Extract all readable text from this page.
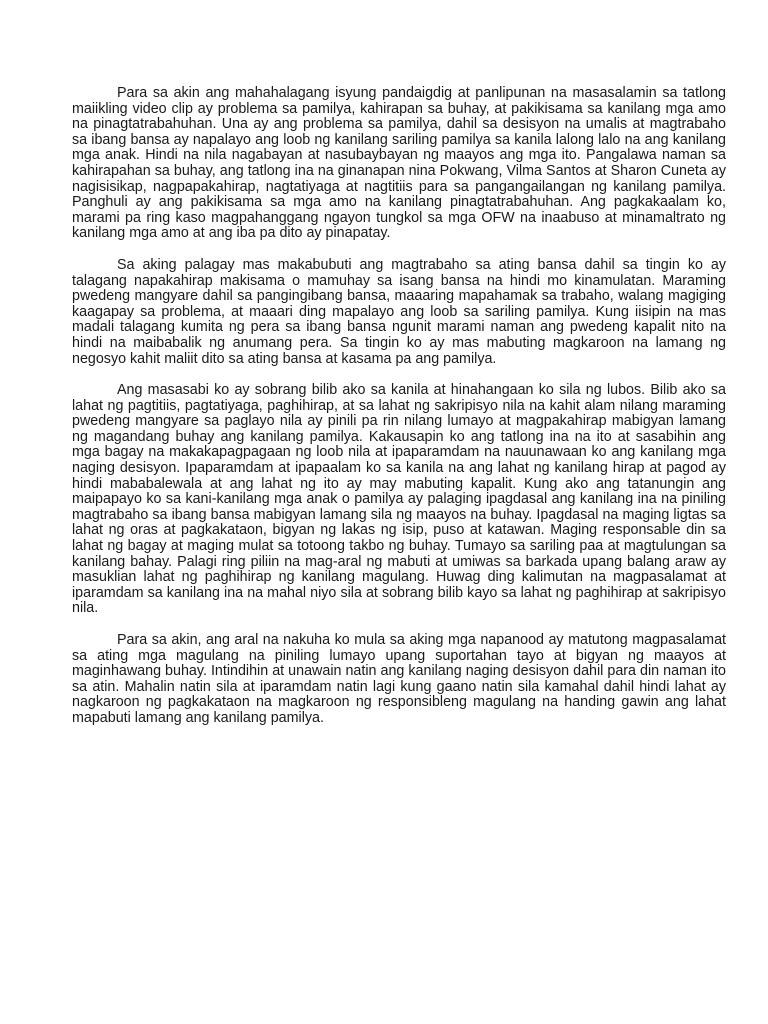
Para sa akin ang mahahalagang isyung pandaigdig at panlipunan na masasalamin sa tatlong maiikling video clip ay problema sa pamilya, kahirapan sa buhay, at pakikisama sa kanilang mga amo na pinagtatrabahuhan. Una ay ang problema sa pamilya, dahil sa desisyon na umalis at magtrabaho sa ibang bansa ay napalayo ang loob ng kanilang sariling pamilya sa kanila lalong lalo na ang kanilang mga anak. Hindi na nila nagabayan at nasubaybayan ng maayos ang mga ito. Pangalawa naman sa kahirapahan sa buhay, ang tatlong ina na ginanapan nina Pokwang, Vilma Santos at Sharon Cuneta ay nagisisikap, nagpapakahirap, nagtatiyaga at nagtitiis para sa pangangailangan ng kanilang pamilya. Panghuli ay ang pakikisama sa mga amo na kanilang pinagtatrabahuhan. Ang pagkakaalam ko, marami pa ring kaso magpahanggang ngayon tungkol sa mga OFW na inaabuso at minamaltrato ng kanilang mga amo at ang iba pa dito ay pinapatay.

Sa aking palagay mas makabubuti ang magtrabaho sa ating bansa dahil sa tingin ko ay talagang napakahirap makisama o mamuhay sa isang bansa na hindi mo kinamulatan. Maraming pwedeng mangyare dahil sa pangingibang bansa, maaaring mapahamak sa trabaho, walang magiging kaagapay sa problema, at maaari ding mapalayo ang loob sa sariling pamilya. Kung iisipin na mas madali talagang kumita ng pera sa ibang bansa ngunit marami naman ang pwedeng kapalit nito na hindi na maibabalik ng anumang pera. Sa tingin ko ay mas mabuting magkaroon na lamang ng negosyo kahit maliit dito sa ating bansa at kasama pa ang pamilya.

Ang masasabi ko ay sobrang bilib ako sa kanila at hinahangaan ko sila ng lubos. Bilib ako sa lahat ng pagtitiis, pagtatiyaga, paghihirap, at sa lahat ng sakripisyo nila na kahit alam nilang maraming pwedeng mangyare sa paglayo nila ay pinili pa rin nilang lumayo at magpakahirap mabigyan lamang ng magandang buhay ang kanilang pamilya. Kakausapin ko ang tatlong ina na ito at sasabihin ang mga bagay na makakapagpagaan ng loob nila at ipaparamdam na nauunawaan ko ang kanilang mga naging desisyon. Ipaparamdam at ipapaalam ko sa kanila na ang lahat ng kanilang hirap at pagod ay hindi mababalewala at ang lahat ng ito ay may mabuting kapalit. Kung ako ang tatanungin ang maipapayo ko sa kani-kanilang mga anak o pamilya ay palaging ipagdasal ang kanilang ina na piniling magtrabaho sa ibang bansa mabigyan lamang sila ng maayos na buhay. Ipagdasal na maging ligtas sa lahat ng oras at pagkakataon, bigyan ng lakas ng isip, puso at katawan. Maging responsable din sa lahat ng bagay at maging mulat sa totoong takbo ng buhay. Tumayo sa sariling paa at magtulungan sa kanilang bahay. Palagi ring piliin na mag-aral ng mabuti at umiwas sa barkada upang balang araw ay masuklian lahat ng paghihirap ng kanilang magulang. Huwag ding kalimutan na magpasalamat at iparamdam sa kanilang ina na mahal niyo sila at sobrang bilib kayo sa lahat ng paghihirap at sakripisyo nila.

Para sa akin, ang aral na nakuha ko mula sa aking mga napanood ay matutong magpasalamat sa ating mga magulang na piniling lumayo upang suportahan tayo at bigyan ng maayos at maginhawang buhay. Intindihin at unawain natin ang kanilang naging desisyon dahil para din naman ito sa atin. Mahalin natin sila at iparamdam natin lagi kung gaano natin sila kamahal dahil hindi lahat ay nagkaroon ng pagkakataon na magkaroon ng responsibleng magulang na handing gawin ang lahat mapabuti lamang ang kanilang pamilya.
